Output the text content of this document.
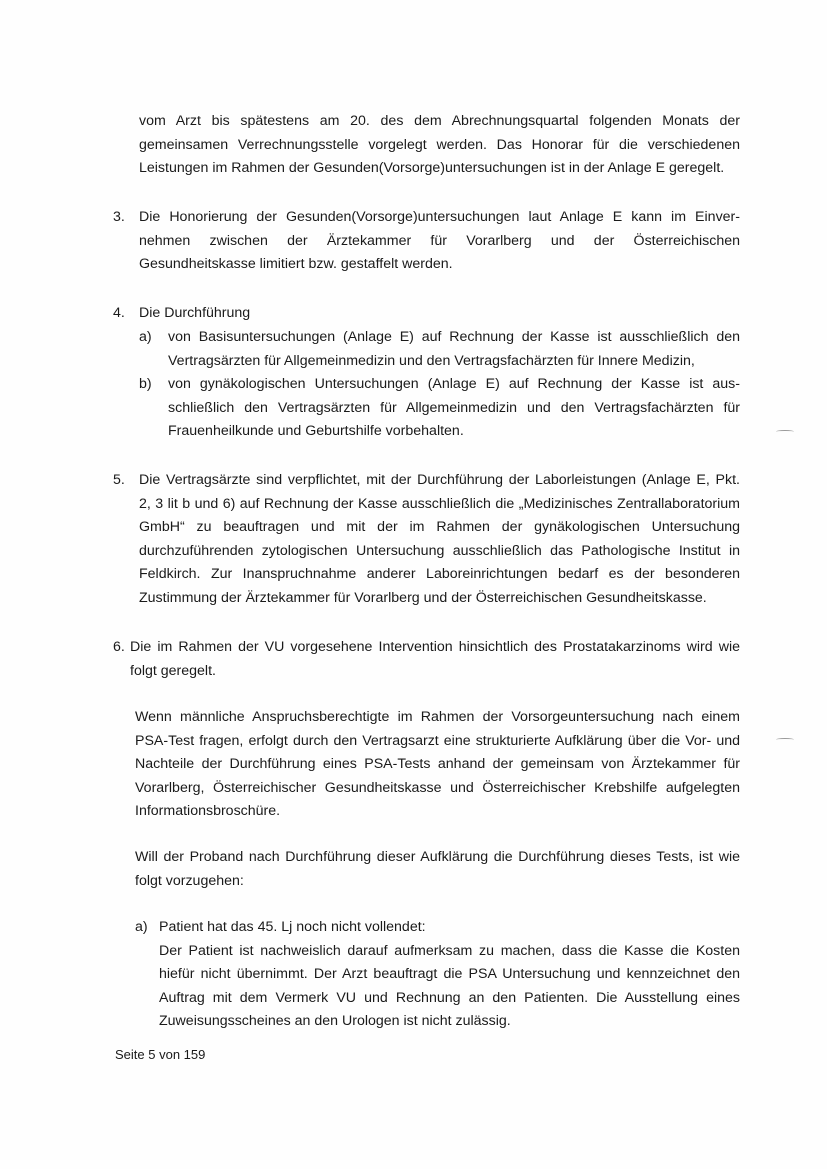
vom Arzt bis spätestens am 20. des dem Abrechnungsquartal folgenden Monats der
gemeinsamen Verrechnungsstelle vorgelegt werden. Das Honorar für die verschiedenen
Leistungen im Rahmen der Gesunden(Vorsorge)untersuchungen ist in der Anlage E geregelt.
3. Die Honorierung der Gesunden(Vorsorge)untersuchungen laut Anlage E kann im Einver-
nehmen zwischen der Ärztekammer für Vorarlberg und der Österreichischen
Gesundheitskasse limitiert bzw. gestaffelt werden.
4. Die Durchführung
a) von Basisuntersuchungen (Anlage E) auf Rechnung der Kasse ist ausschließlich den
Vertragsärzten für Allgemeinmedizin und den Vertragsfachärzten für Innere Medizin,
b) von gynäkologischen Untersuchungen (Anlage E) auf Rechnung der Kasse ist aus-
schließlich den Vertragsärzten für Allgemeinmedizin und den Vertragsfachärzten für
Frauenheilkunde und Geburtshilfe vorbehalten.
5. Die Vertragsärzte sind verpflichtet, mit der Durchführung der Laborleistungen (Anlage E, Pkt.
2, 3 lit b und 6) auf Rechnung der Kasse ausschließlich die „Medizinisches Zentrallaboratorium
GmbH“ zu beauftragen und mit der im Rahmen der gynäkologischen Untersuchung
durchzuführenden zytologischen Untersuchung ausschließlich das Pathologische Institut in
Feldkirch. Zur Inanspruchnahme anderer Laboreinrichtungen bedarf es der besonderen
Zustimmung der Ärztekammer für Vorarlberg und der Österreichischen Gesundheitskasse.
6. Die im Rahmen der VU vorgesehene Intervention hinsichtlich des Prostatakarzinoms wird wie
folgt geregelt.
Wenn männliche Anspruchsberechtigte im Rahmen der Vorsorgeuntersuchung nach einem
PSA-Test fragen, erfolgt durch den Vertragsarzt eine strukturierte Aufklärung über die Vor- und
Nachteile der Durchführung eines PSA-Tests anhand der gemeinsam von Ärztekammer für
Vorarlberg, Österreichischer Gesundheitskasse und Österreichischer Krebshilfe aufgelegten
Informationsbroschüre.
Will der Proband nach Durchführung dieser Aufklärung die Durchführung dieses Tests, ist wie
folgt vorzugehen:
a) Patient hat das 45. Lj noch nicht vollendet:
Der Patient ist nachweislich darauf aufmerksam zu machen, dass die Kasse die Kosten
hiefür nicht übernimmt. Der Arzt beauftragt die PSA Untersuchung und kennzeichnet den
Auftrag mit dem Vermerk VU und Rechnung an den Patienten. Die Ausstellung eines
Zuweisungsscheines an den Urologen ist nicht zulässig.
Seite 5 von 159
